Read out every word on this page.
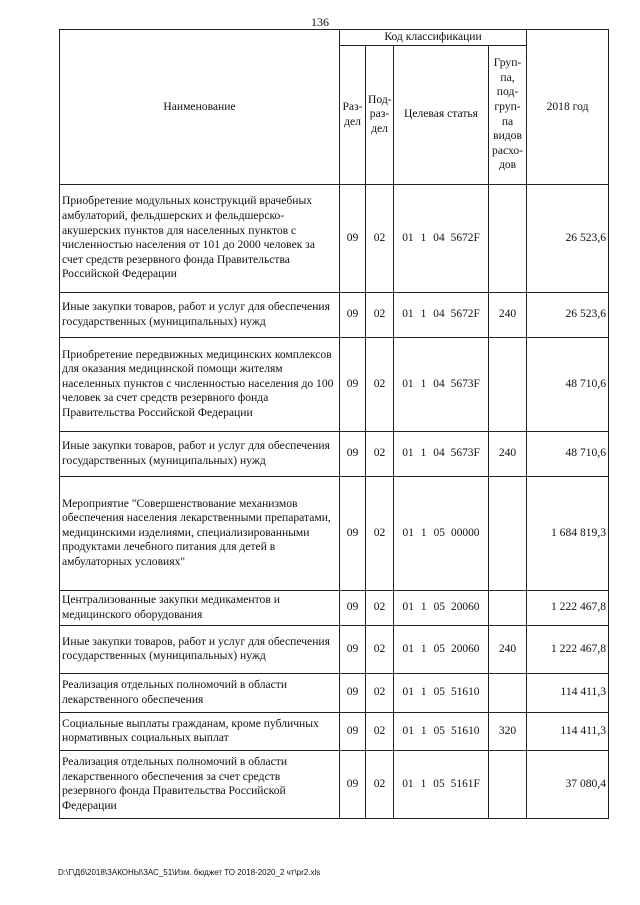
136
Наименование	Код классификации				2018 год
	Раз-дел	Под-раз-дел	Целевая статья	Груп-па, под-груп-па видов расхо-дов	
Приобретение модульных конструкций врачебных амбулаторий, фельдшерских и фельдшерско-акушерских пунктов для населенных пунктов с численностью населения от 101 до 2000 человек за счет средств резервного фонда Правительства Российской Федерации	09	02	01 1 04 5672F		26 523,6
Иные закупки товаров, работ и услуг для обеспечения государственных (муниципальных) нужд	09	02	01 1 04 5672F	240	26 523,6
Приобретение передвижных медицинских комплексов для оказания медицинской помощи жителям населенных пунктов с численностью населения до 100 человек за счет средств резервного фонда Правительства Российской Федерации	09	02	01 1 04 5673F		48 710,6
Иные закупки товаров, работ и услуг для обеспечения государственных (муниципальных) нужд	09	02	01 1 04 5673F	240	48 710,6
Мероприятие "Совершенствование механизмов обеспечения населения лекарственными препаратами, медицинскими изделиями, специализированными продуктами лечебного питания для детей в амбулаторных условиях"	09	02	01 1 05 00000		1 684 819,3
Централизованные закупки медикаментов и медицинского оборудования	09	02	01 1 05 20060		1 222 467,8
Иные закупки товаров, работ и услуг для обеспечения государственных (муниципальных) нужд	09	02	01 1 05 20060	240	1 222 467,8
Реализация отдельных полномочий в области лекарственного обеспечения	09	02	01 1 05 51610		114 411,3
Социальные выплаты гражданам, кроме публичных нормативных социальных выплат	09	02	01 1 05 51610	320	114 411,3
Реализация отдельных полномочий в области лекарственного обеспечения за счет средств резервного фонда Правительства Российской Федерации	09	02	01 1 05 5161F		37 080,4
D:\Г\Дб\2018\ЗАКОНЫ\ЗАС_51\Изм. бюджет ТО 2018-2020_2 чт\pr2.xls
